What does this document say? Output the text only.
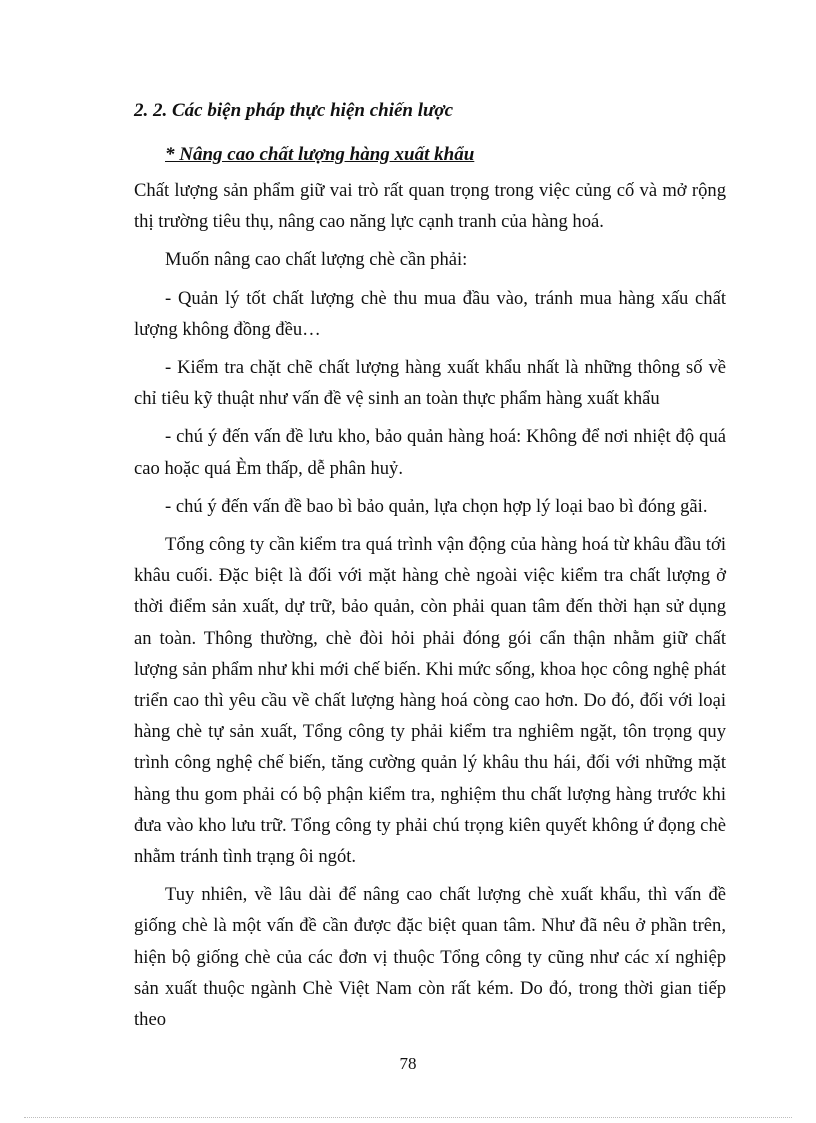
2. 2. Các biện pháp thực hiện chiến lược
* Nâng cao chất lượng hàng xuất khẩu

Chất lượng sản phẩm giữ vai trò rất quan trọng trong việc củng cố và mở rộng thị trường tiêu thụ, nâng cao năng lực cạnh tranh của hàng hoá.

Muốn nâng cao chất lượng chè cần phải:

- Quản lý tốt chất lượng chè thu mua đầu vào, tránh mua hàng xấu chất lượng không đồng đều…

- Kiểm tra chặt chẽ chất lượng hàng xuất khẩu nhất là những thông số về chỉ tiêu kỹ thuật như vấn đề vệ sinh an toàn thực phẩm hàng xuất khẩu

- chú ý đến vấn đề lưu kho, bảo quản hàng hoá: Không để nơi nhiệt độ quá cao hoặc quá Èm thấp, dễ phân huỷ.

- chú ý đến vấn đề bao bì bảo quản, lựa chọn hợp lý loại bao bì đóng gãi.

Tổng công ty cần kiểm tra quá trình vận động của hàng hoá từ khâu đầu tới khâu cuối. Đặc biệt là đối với mặt hàng chè ngoài việc kiểm tra chất lượng ở thời điểm sản xuất, dự trữ, bảo quản, còn phải quan tâm đến thời hạn sử dụng an toàn. Thông thường, chè đòi hỏi phải đóng gói cẩn thận nhằm giữ chất lượng sản phẩm như khi mới chế biến. Khi mức sống, khoa học công nghệ phát triển cao thì yêu cầu về chất lượng hàng hoá còng cao hơn. Do đó, đối với loại hàng chè tự sản xuất, Tổng công ty phải kiểm tra nghiêm ngặt, tôn trọng quy trình công nghệ chế biến, tăng cường quản lý khâu thu hái, đối với những mặt hàng thu gom phải có bộ phận kiểm tra, nghiệm thu chất lượng hàng trước khi đưa vào kho lưu trữ. Tổng công ty phải chú trọng kiên quyết không ứ đọng chè nhằm tránh tình trạng ôi ngót.

Tuy nhiên, về lâu dài để nâng cao chất lượng chè xuất khẩu, thì vấn đề giống chè là một vấn đề cần được đặc biệt quan tâm. Như đã nêu ở phần trên, hiện bộ giống chè của các đơn vị thuộc Tổng công ty cũng như các xí nghiệp sản xuất thuộc ngành Chè Việt Nam còn rất kém. Do đó, trong thời gian tiếp theo

78
